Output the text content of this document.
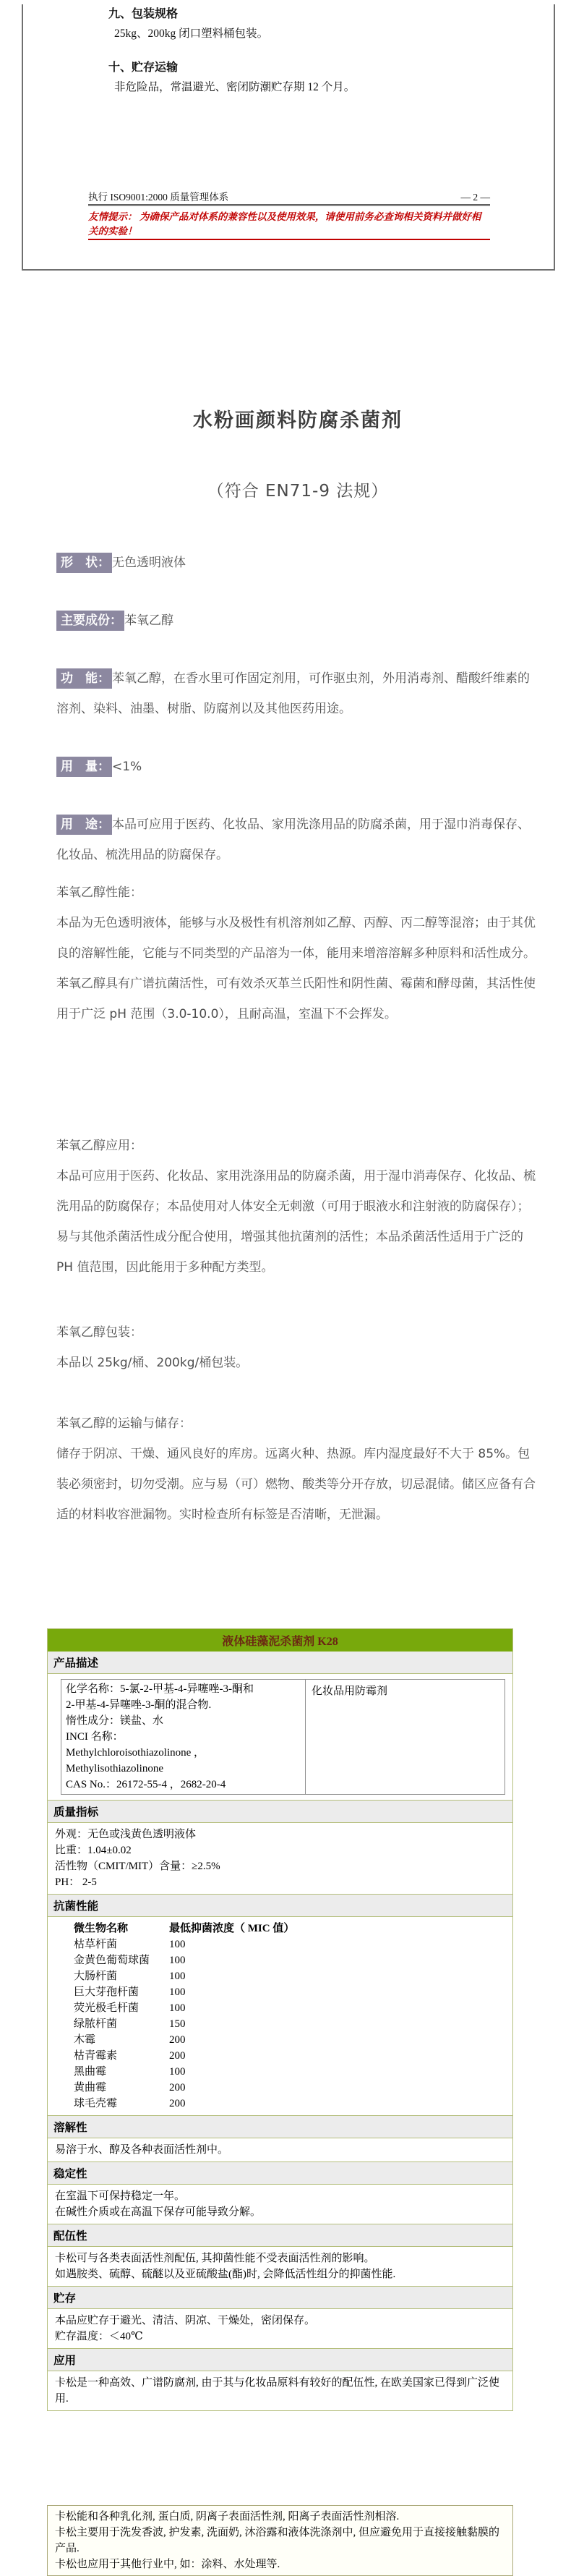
九、包装规格
25kg、200kg 闭口塑料桶包装。
十、贮存运输
非危险品，常温避光、密闭防潮贮存期 12 个月。
执行 ISO9001:2000 质量管理体系	— 2 —
友情提示： 为确保产品对体系的兼容性以及使用效果，请使用前务必查询相关资料并做好相关的实验！
水粉画颜料防腐杀菌剂
（符合 EN71-9 法规）

形　状： 无色透明液体

主要成份： 苯氧乙醇

功　能： 苯氧乙醇，在香水里可作固定剂用，可作驱虫剂，外用消毒剂、醋酸纤维素的溶剂、染料、油墨、树脂、防腐剂以及其他医药用途。

用　量： <1%

用　途： 本品可应用于医药、化妆品、家用洗涤用品的防腐杀菌，用于湿巾消毒保存、化妆品、梳洗用品的防腐保存。

苯氧乙醇性能：
本品为无色透明液体，能够与水及极性有机溶剂如乙醇、丙醇、丙二醇等混溶；由于其优良的溶解性能，它能与不同类型的产品溶为一体，能用来增溶溶解多种原料和活性成分。苯氧乙醇具有广谱抗菌活性，可有效杀灭革兰氏阳性和阴性菌、霉菌和酵母菌，其活性使用于广泛 pH 范围（3.0-10.0），且耐高温，室温下不会挥发。
苯氧乙醇应用：
本品可应用于医药、化妆品、家用洗涤用品的防腐杀菌，用于湿巾消毒保存、化妆品、梳洗用品的防腐保存；本品使用对人体安全无刺激（可用于眼液水和注射液的防腐保存）；易与其他杀菌活性成分配合使用，增强其他抗菌剂的活性；本品杀菌活性适用于广泛的 PH 值范围，因此能用于多种配方类型。
苯氧乙醇包装：
本品以 25kg/桶、200kg/桶包装。
苯氧乙醇的运输与储存：
储存于阴凉、干燥、通风良好的库房。远离火种、热源。库内湿度最好不大于 85%。包装必须密封，切勿受潮。应与易（可）燃物、酸类等分开存放，切忌混储。储区应备有合适的材料收容泄漏物。实时检查所有标签是否清晰，无泄漏。
液体硅藻泥杀菌剂 K28
产品描述
化学名称：5-氯-2-甲基-4-异噻唑-3-酮和
2-甲基-4-异噻唑-3-酮的混合物.
惰性成分：镁盐、水
INCI 名称：
Methylchloroisothiazolinone ，
Methylisothiazolinone
CAS No.：26172-55-4 ，2682-20-4
化妆品用防霉剂
质量指标
外观：无色或浅黄色透明液体
比重：1.04±0.02
活性物（CMIT/MIT）含量：≥2.5%
PH： 2-5
抗菌性能
微生物名称	最低抑菌浓度（ MIC 值）
枯草杆菌	100
金黄色葡萄球菌	100
大肠杆菌	100
巨大芽孢杆菌	100
荧光极毛杆菌	100
绿脓杆菌	150
木霉	200
枯青霉素	200
黑曲霉	100
黄曲霉	200
球毛壳霉	200
溶解性
易溶于水、醇及各种表面活性剂中。
稳定性
在室温下可保持稳定一年。
在碱性介质或在高温下保存可能导致分解。
配伍性
卡松可与各类表面活性剂配伍, 其抑菌性能不受表面活性剂的影响。
如遇胺类、硫醇、硫醚以及亚硫酸盐(酯)时, 会降低活性组分的抑菌性能.
贮存
本品应贮存于避光、清洁、阴凉、干燥处，密闭保存。
贮存温度：＜40℃
应用
卡松是一种高效、广谱防腐剂, 由于其与化妆品原料有较好的配伍性, 在欧美国家已得到广泛使用.
卡松能和各种乳化剂, 蛋白质, 阴离子表面活性剂, 阳离子表面活性剂相溶.
卡松主要用于洗发香波, 护发素, 洗面奶, 沐浴露和液体洗涤剂中, 但应避免用于直接接触黏膜的产品.
卡松也应用于其他行业中, 如：涂料、水处理等.
